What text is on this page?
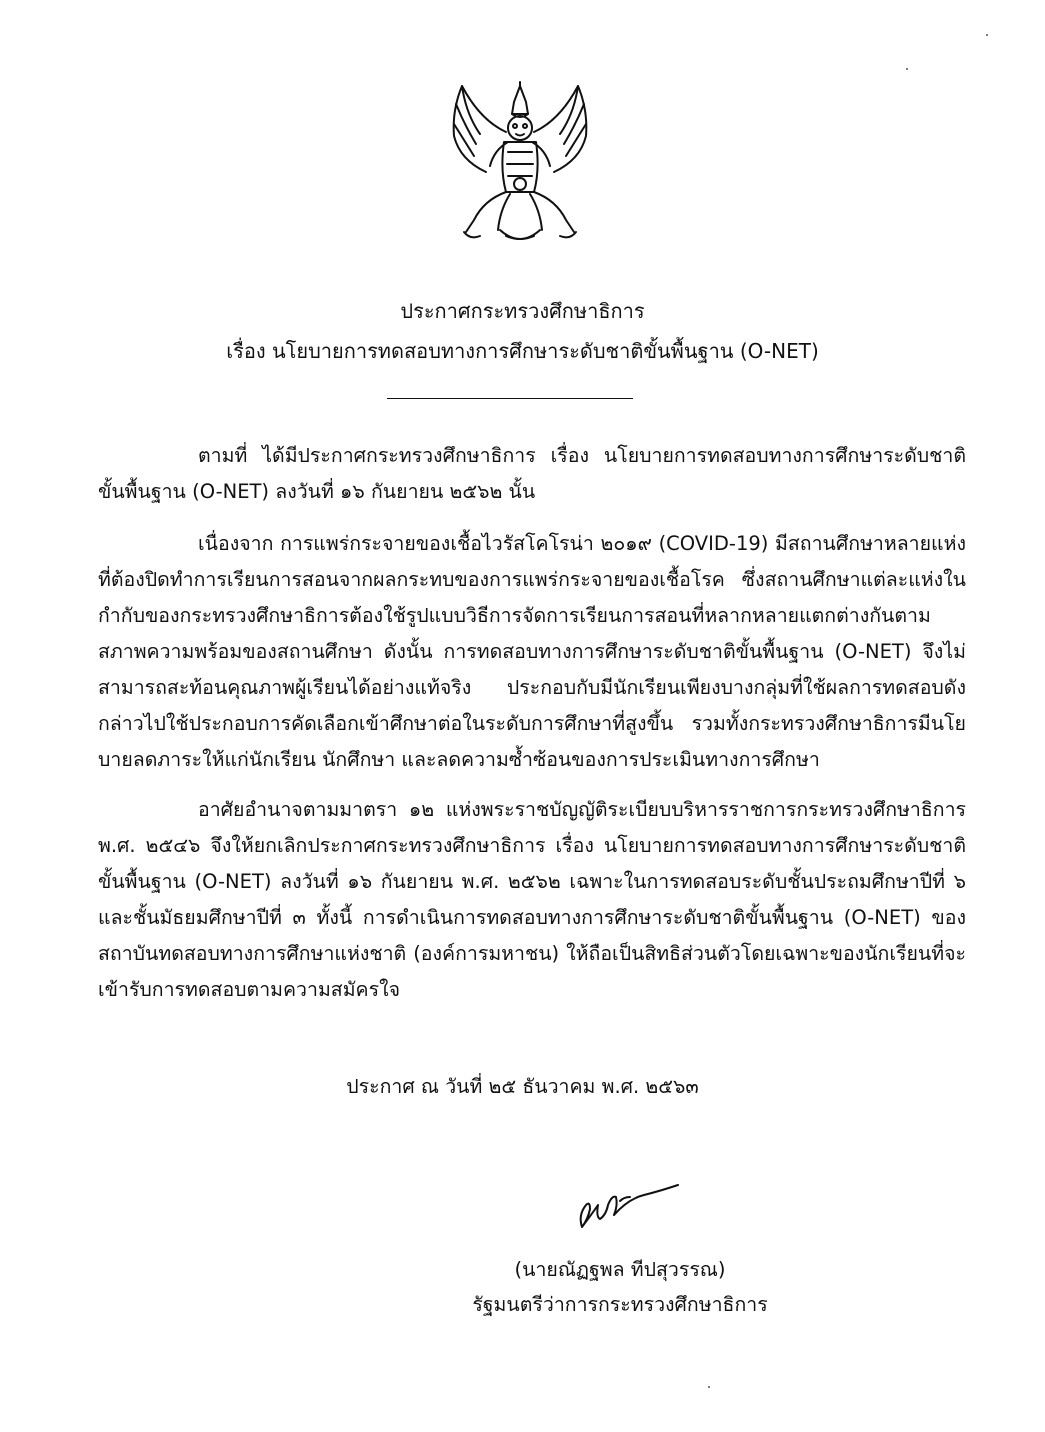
ประกาศกระทรวงศึกษาธิการ
เรื่อง นโยบายการทดสอบทางการศึกษาระดับชาติขั้นพื้นฐาน (O-NET)
ตามที่ ได้มีประกาศกระทรวงศึกษาธิการ เรื่อง นโยบายการทดสอบทางการศึกษาระดับชาติขั้นพื้นฐาน (O-NET) ลงวันที่ ๑๖ กันยายน ๒๕๖๒ นั้น
เนื่องจาก การแพร่กระจายของเชื้อไวรัสโคโรน่า ๒๐๑๙ (COVID-19) มีสถานศึกษาหลายแห่งที่ต้องปิดทำการเรียนการสอนจากผลกระทบของการแพร่กระจายของเชื้อโรค ซึ่งสถานศึกษาแต่ละแห่งในกำกับของกระทรวงศึกษาธิการต้องใช้รูปแบบวิธีการจัดการเรียนการสอนที่หลากหลายแตกต่างกันตามสภาพความพร้อมของสถานศึกษา ดังนั้น การทดสอบทางการศึกษาระดับชาติขั้นพื้นฐาน (O-NET) จึงไม่สามารถสะท้อนคุณภาพผู้เรียนได้อย่างแท้จริง ประกอบกับมีนักเรียนเพียงบางกลุ่มที่ใช้ผลการทดสอบดังกล่าวไปใช้ประกอบการคัดเลือกเข้าศึกษาต่อในระดับการศึกษาที่สูงขึ้น รวมทั้งกระทรวงศึกษาธิการมีนโยบายลดภาระให้แก่นักเรียน นักศึกษา และลดความซ้ำซ้อนของการประเมินทางการศึกษา
อาศัยอำนาจตามมาตรา ๑๒ แห่งพระราชบัญญัติระเบียบบริหารราชการกระทรวงศึกษาธิการ พ.ศ. ๒๕๔๖ จึงให้ยกเลิกประกาศกระทรวงศึกษาธิการ เรื่อง นโยบายการทดสอบทางการศึกษาระดับชาติขั้นพื้นฐาน (O-NET) ลงวันที่ ๑๖ กันยายน พ.ศ. ๒๕๖๒ เฉพาะในการทดสอบระดับชั้นประถมศึกษาปีที่ ๖ และชั้นมัธยมศึกษาปีที่ ๓ ทั้งนี้ การดำเนินการทดสอบทางการศึกษาระดับชาติขั้นพื้นฐาน (O-NET) ของสถาบันทดสอบทางการศึกษาแห่งชาติ (องค์การมหาชน) ให้ถือเป็นสิทธิส่วนตัวโดยเฉพาะของนักเรียนที่จะเข้ารับการทดสอบตามความสมัครใจ
ประกาศ ณ วันที่ ๒๕ ธันวาคม พ.ศ. ๒๕๖๓
(นายณัฏฐพล ทีปสุวรรณ)
รัฐมนตรีว่าการกระทรวงศึกษาธิการ
